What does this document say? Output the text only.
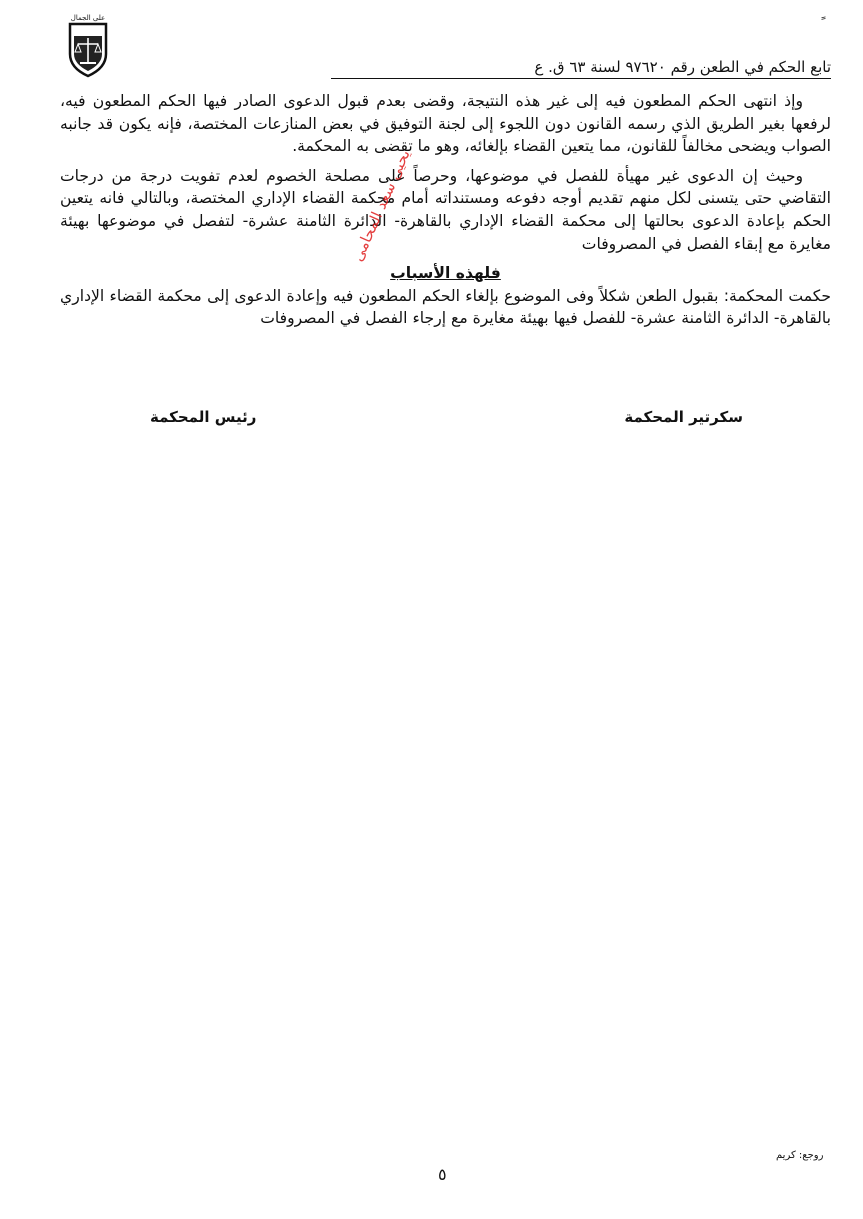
على الجمال
تابع الحكم في الطعن رقم ٩٧٦٢٠ لسنة ٦٣ ق. ع

وإذ انتهى الحكم المطعون فيه إلى غير هذه النتيجة، وقضى بعدم قبول الدعوى الصادر فيها الحكم المطعون فيه، لرفعها بغير الطريق الذي رسمه القانون دون اللجوء إلى لجنة التوفيق في بعض المنازعات المختصة، فإنه يكون قد جانبه الصواب ويضحى مخالفاً للقانون، مما يتعين القضاء بإلغائه، وهو ما تقضى به المحكمة.

وحيث إن الدعوى غير مهيأة للفصل في موضوعها، وحرصاً على مصلحة الخصوم لعدم تفويت درجة من درجات التقاضي حتى يتسنى لكل منهم تقديم أوجه دفوعه ومستنداته أمام محكمة القضاء الإداري المختصة، وبالتالي فانه يتعين الحكم بإعادة الدعوى بحالتها إلى محكمة القضاء الإداري بالقاهرة- الدائرة الثامنة عشرة- لتفصل في موضوعها بهيئة مغايرة مع إبقاء الفصل في المصروفات

فلهذه الأسباب

حكمت المحكمة: بقبول الطعن شكلاً وفى الموضوع بإلغاء الحكم المطعون فيه وإعادة الدعوى إلى محكمة القضاء الإداري بالقاهرة- الدائرة الثامنة عشرة- للفصل فيها بهيئة مغايرة مع إرجاء الفصل في المصروفات

سكرتير المحكمة
رئيس المحكمة
يحيى سعد المحامى
روجع: كريم
٥
